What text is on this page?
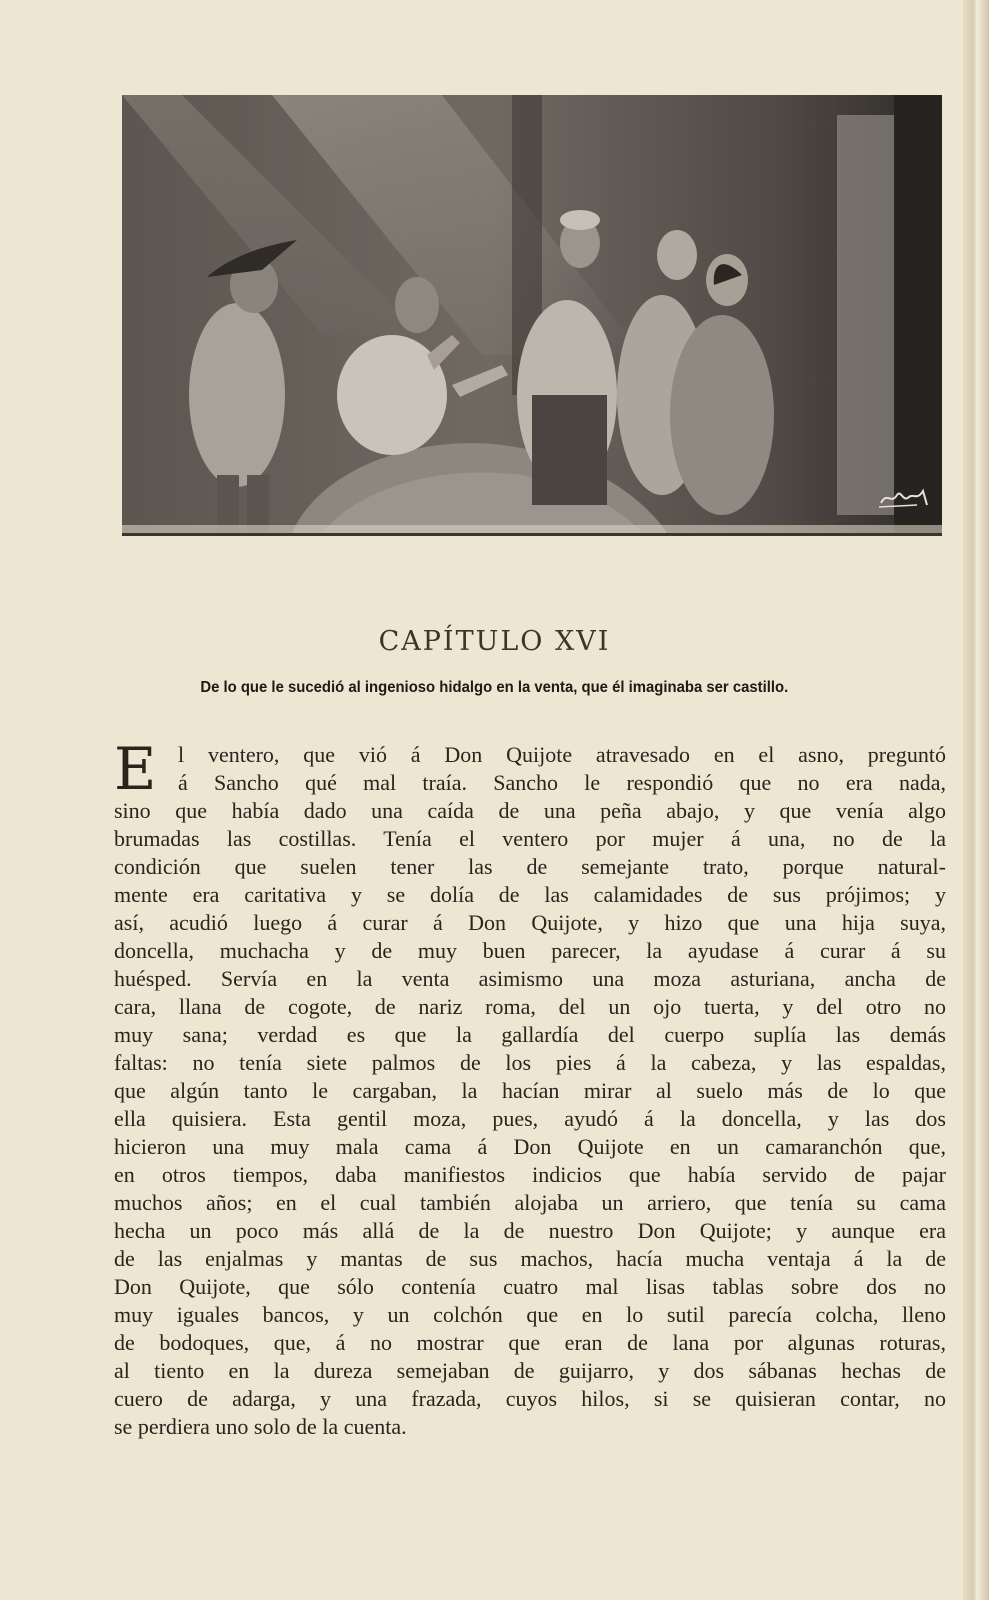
CAPÍTULO XVI
De lo que le sucedió al ingenioso hidalgo en la venta, que él imaginaba ser castillo.
E l ventero, que vió á Don Quijote atravesado en el asno, preguntó
á Sancho qué mal traía. Sancho le respondió que no era nada,
sino que había dado una caída de una peña abajo, y que venía algo
brumadas las costillas. Tenía el ventero por mujer á una, no de la
condición que suelen tener las de semejante trato, porque natural-
mente era caritativa y se dolía de las calamidades de sus prójimos; y
así, acudió luego á curar á Don Quijote, y hizo que una hija suya,
doncella, muchacha y de muy buen parecer, la ayudase á curar á su
huésped. Servía en la venta asimismo una moza asturiana, ancha de
cara, llana de cogote, de nariz roma, del un ojo tuerta, y del otro no
muy sana; verdad es que la gallardía del cuerpo suplía las demás
faltas: no tenía siete palmos de los pies á la cabeza, y las espaldas,
que algún tanto le cargaban, la hacían mirar al suelo más de lo que
ella quisiera. Esta gentil moza, pues, ayudó á la doncella, y las dos
hicieron una muy mala cama á Don Quijote en un camaranchón que,
en otros tiempos, daba manifiestos indicios que había servido de pajar
muchos años; en el cual también alojaba un arriero, que tenía su cama
hecha un poco más allá de la de nuestro Don Quijote; y aunque era
de las enjalmas y mantas de sus machos, hacía mucha ventaja á la de
Don Quijote, que sólo contenía cuatro mal lisas tablas sobre dos no
muy iguales bancos, y un colchón que en lo sutil parecía colcha, lleno
de bodoques, que, á no mostrar que eran de lana por algunas roturas,
al tiento en la dureza semejaban de guijarro, y dos sábanas hechas de
cuero de adarga, y una frazada, cuyos hilos, si se quisieran contar, no
se perdiera uno solo de la cuenta.
